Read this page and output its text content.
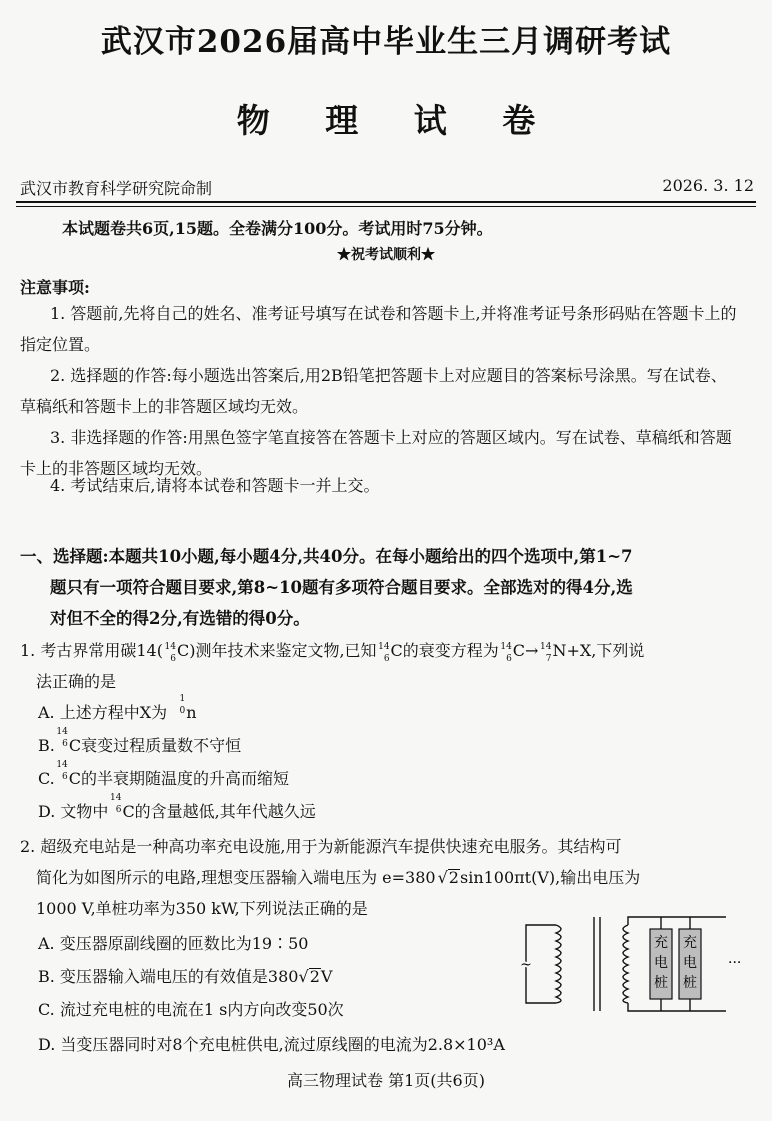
武汉市2026届高中毕业生三月调研考试
物 理 试 卷
武汉市教育科学研究院命制	2026. 3. 12
本试题卷共6页,15题。全卷满分100分。考试用时75分钟。
★祝考试顺利★
注意事项:
1. 答题前,先将自己的姓名、准考证号填写在试卷和答题卡上,并将准考证号条形码贴在答题卡上的指定位置。
2. 选择题的作答:每小题选出答案后,用2B铅笔把答题卡上对应题目的答案标号涂黑。写在试卷、草稿纸和答题卡上的非答题区域均无效。
3. 非选择题的作答:用黑色签字笔直接答在答题卡上对应的答题区域内。写在试卷、草稿纸和答题卡上的非答题区域均无效。
4. 考试结束后,请将本试卷和答题卡一并上交。
一、选择题:本题共10小题,每小题4分,共40分。在每小题给出的四个选项中,第1~7
题只有一项符合题目要求,第8~10题有多项符合题目要求。全部选对的得4分,选
对但不全的得2分,有选错的得0分。
1. 考古界常用碳14( 14
6 C)测年技术来鉴定文物,已知 14
6 C的衰变方程为 14
6 C→ 14
7 N+X,下列说
法正确的是
A. 上述方程中X为
1
0 n
B.
14
6 C衰变过程质量数不守恒
C.
14
6 C的半衰期随温度的升高而缩短
D. 文物中
14
6 C的含量越低,其年代越久远
2. 超级充电站是一种高功率充电设施,用于为新能源汽车提供快速充电服务。其结构可
简化为如图所示的电路,理想变压器输入端电压为 e=380 √2sin100πt(V),输出电压为
1000 V,单桩功率为350 kW,下列说法正确的是
A. 变压器原副线圈的匝数比为19∶50
B. 变压器输入端电压的有效值是380√2V
C. 流过充电桩的电流在1 s内方向改变50次
D. 当变压器同时对8个充电桩供电,流过原线圈的电流为2.8×10³A
充
电
桩
充
电
桩
~	···
高三物理试卷 第1页(共6页)
